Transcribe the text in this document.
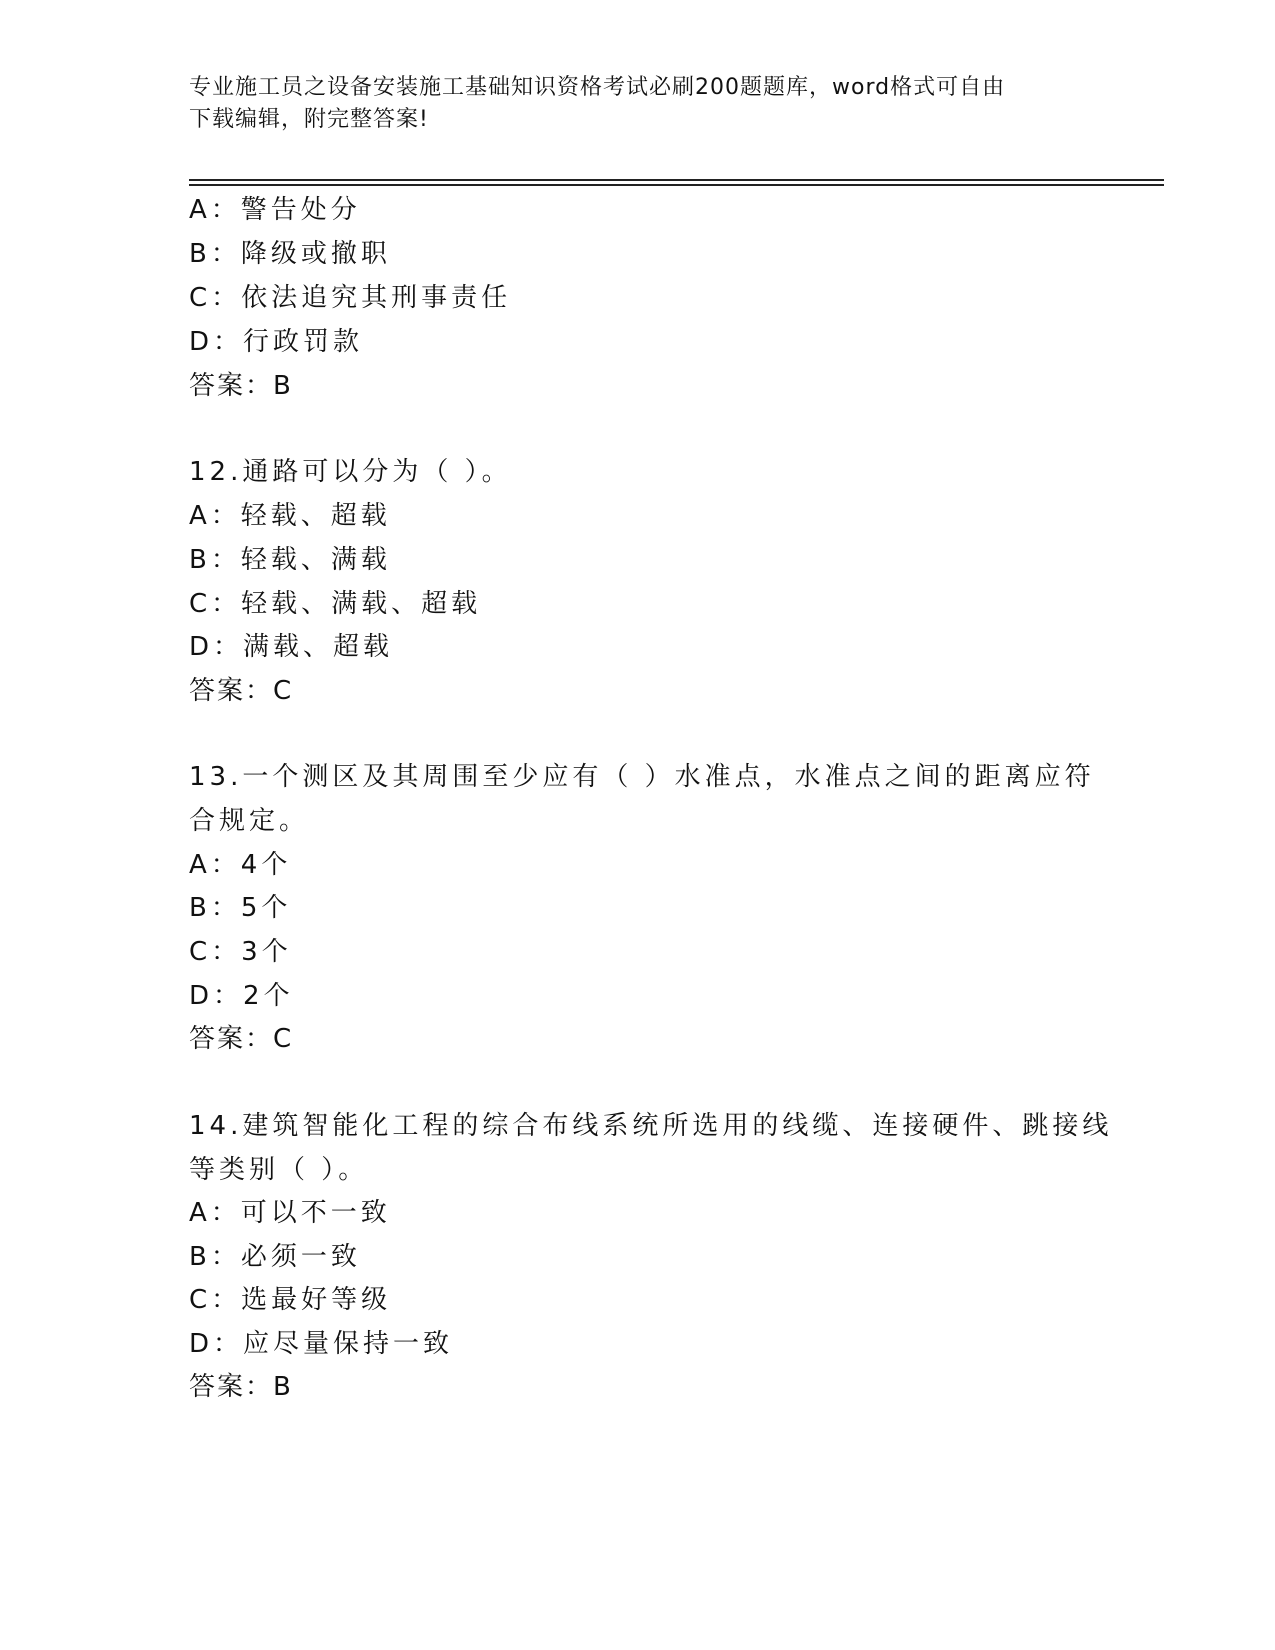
专业施工员之设备安装施工基础知识资格考试必刷200题题库，word格式可自由
下载编辑，附完整答案!
A：警告处分
B：降级或撤职
C：依法追究其刑事责任
D：行政罚款
答案：B
12.通路可以分为（ ）。
A：轻载、超载
B：轻载、满载
C：轻载、满载、超载
D：满载、超载
答案：C
13.一个测区及其周围至少应有（ ）水准点，水准点之间的距离应符
合规定。
A：4个
B：5个
C：3个
D：2个
答案：C
14.建筑智能化工程的综合布线系统所选用的线缆、连接硬件、跳接线
等类别（ ）。
A：可以不一致
B：必须一致
C：选最好等级
D：应尽量保持一致
答案：B
